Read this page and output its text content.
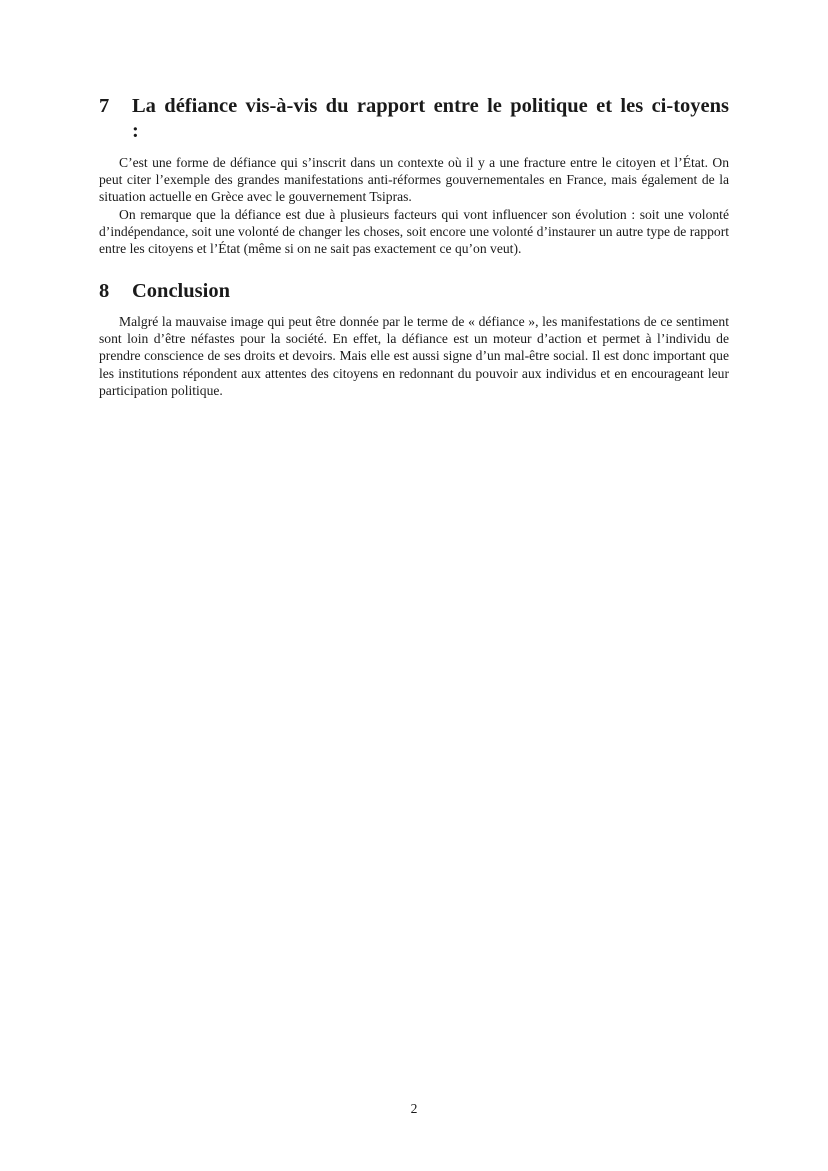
7	La défiance vis-à-vis du rapport entre le politique et les ci-toyens :

C’est une forme de défiance qui s’inscrit dans un contexte où il y a une fracture entre le citoyen et l’État. On peut citer l’exemple des grandes manifestations anti-réformes gouvernementales en France, mais également de la situation actuelle en Grèce avec le gouvernement Tsipras.

On remarque que la défiance est due à plusieurs facteurs qui vont influencer son évolution : soit une volonté d’indépendance, soit une volonté de changer les choses, soit encore une volonté d’instaurer un autre type de rapport entre les citoyens et l’État (même si on ne sait pas exactement ce qu’on veut).

8	Conclusion

Malgré la mauvaise image qui peut être donnée par le terme de « défiance », les manifestations de ce sentiment sont loin d’être néfastes pour la société. En effet, la défiance est un moteur d’action et permet à l’individu de prendre conscience de ses droits et devoirs. Mais elle est aussi signe d’un mal-être social. Il est donc important que les institutions répondent aux attentes des citoyens en redonnant du pouvoir aux individus et en encourageant leur participation politique.

2
